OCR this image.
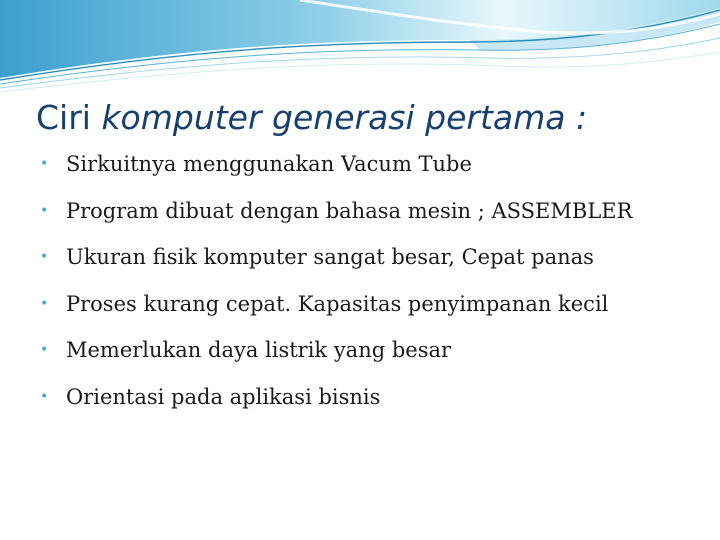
Ciri komputer generasi pertama :
• Sirkuitnya menggunakan Vacum Tube
• Program dibuat dengan bahasa mesin ; ASSEMBLER
• Ukuran fisik komputer sangat besar, Cepat panas
• Proses kurang cepat. Kapasitas penyimpanan kecil
• Memerlukan daya listrik yang besar
• Orientasi pada aplikasi bisnis
